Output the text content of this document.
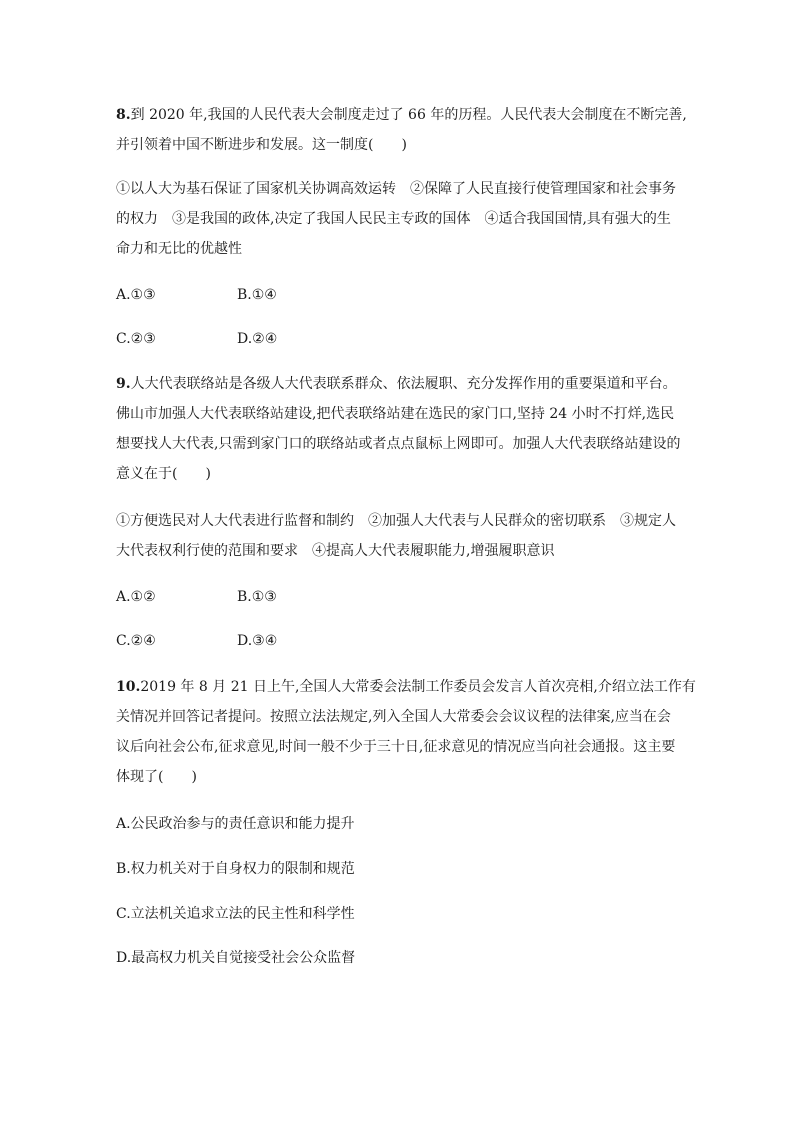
8.到 2020 年,我国的人民代表大会制度走过了 66 年的历程。人民代表大会制度在不断完善,
并引领着中国不断进步和发展。这一制度(　　)
①以人大为基石保证了国家机关协调高效运转　②保障了人民直接行使管理国家和社会事务
的权力　③是我国的政体,决定了我国人民民主专政的国体　④适合我国国情,具有强大的生
命力和无比的优越性
A.①③	B.①④
C.②③	D.②④
9.人大代表联络站是各级人大代表联系群众、依法履职、充分发挥作用的重要渠道和平台。
佛山市加强人大代表联络站建设,把代表联络站建在选民的家门口,坚持 24 小时不打烊,选民
想要找人大代表,只需到家门口的联络站或者点点鼠标上网即可。加强人大代表联络站建设的
意义在于(　　)
①方便选民对人大代表进行监督和制约　②加强人大代表与人民群众的密切联系　③规定人
大代表权利行使的范围和要求　④提高人大代表履职能力,增强履职意识
A.①②	B.①③
C.②④	D.③④
10.2019 年 8 月 21 日上午,全国人大常委会法制工作委员会发言人首次亮相,介绍立法工作有
关情况并回答记者提问。按照立法法规定,列入全国人大常委会会议议程的法律案,应当在会
议后向社会公布,征求意见,时间一般不少于三十日,征求意见的情况应当向社会通报。这主要
体现了(　　)
A.公民政治参与的责任意识和能力提升
B.权力机关对于自身权力的限制和规范
C.立法机关追求立法的民主性和科学性
D.最高权力机关自觉接受社会公众监督
